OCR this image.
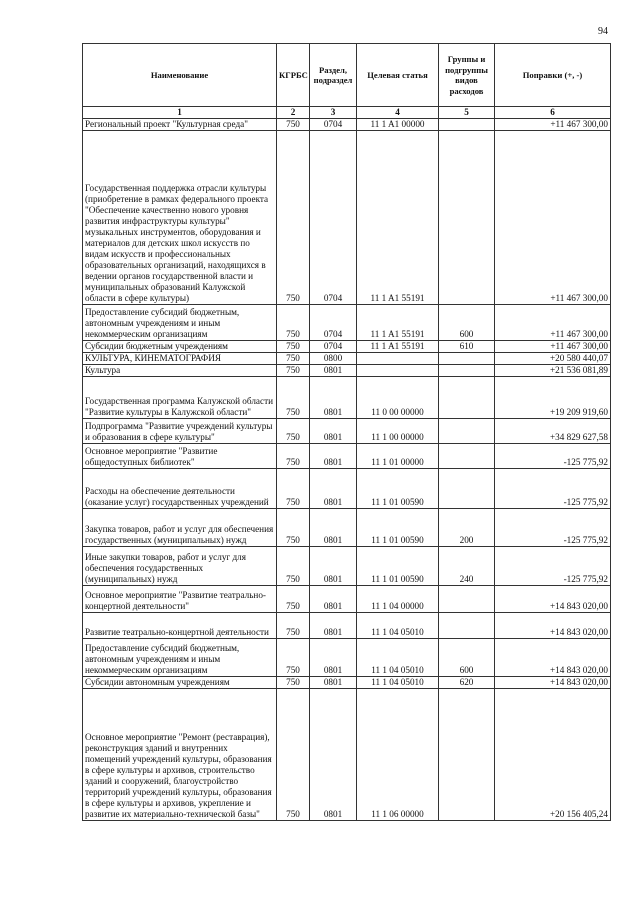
94
Наименование	КГРБС	Раздел, подраздел	Целевая статья	Группы и подгруппы видов расходов	Поправки (+, -)
1	2	3	4	5	6
Региональный проект "Культурная среда"	750	0704	11 1 A1 00000		+11 467 300,00
Государственная поддержка отрасли культуры (приобретение в рамках федерального проекта "Обеспечение качественно нового уровня развития инфраструктуры культуры" музыкальных инструментов, оборудования и материалов для детских школ искусств по видам искусств и профессиональных образовательных организаций, находящихся в ведении органов государственной власти и муниципальных образований Калужской области в сфере культуры)	750	0704	11 1 A1 55191		+11 467 300,00
Предоставление субсидий бюджетным, автономным учреждениям и иным некоммерческим организациям	750	0704	11 1 A1 55191	600	+11 467 300,00
Субсидии бюджетным учреждениям	750	0704	11 1 A1 55191	610	+11 467 300,00
КУЛЬТУРА, КИНЕМАТОГРАФИЯ	750	0800			+20 580 440,07
Культура	750	0801			+21 536 081,89
Государственная программа Калужской области "Развитие культуры в Калужской области"	750	0801	11 0 00 00000		+19 209 919,60
Подпрограмма "Развитие учреждений культуры и образования в сфере культуры"	750	0801	11 1 00 00000		+34 829 627,58
Основное мероприятие "Развитие общедоступных библиотек"	750	0801	11 1 01 00000		-125 775,92
Расходы на обеспечение деятельности (оказание услуг) государственных учреждений	750	0801	11 1 01 00590		-125 775,92
Закупка товаров, работ и услуг для обеспечения государственных (муниципальных) нужд	750	0801	11 1 01 00590	200	-125 775,92
Иные закупки товаров, работ и услуг для обеспечения государственных (муниципальных) нужд	750	0801	11 1 01 00590	240	-125 775,92
Основное мероприятие "Развитие театрально-концертной деятельности"	750	0801	11 1 04 00000		+14 843 020,00
Развитие театрально-концертной деятельности	750	0801	11 1 04 05010		+14 843 020,00
Предоставление субсидий бюджетным, автономным учреждениям и иным некоммерческим организациям	750	0801	11 1 04 05010	600	+14 843 020,00
Субсидии автономным учреждениям	750	0801	11 1 04 05010	620	+14 843 020,00
Основное мероприятие "Ремонт (реставрация), реконструкция зданий и внутренних помещений учреждений культуры, образования в сфере культуры и архивов, строительство зданий и сооружений, благоустройство территорий учреждений культуры, образования в сфере культуры и архивов, укрепление и развитие их материально-технической базы"	750	0801	11 1 06 00000		+20 156 405,24
